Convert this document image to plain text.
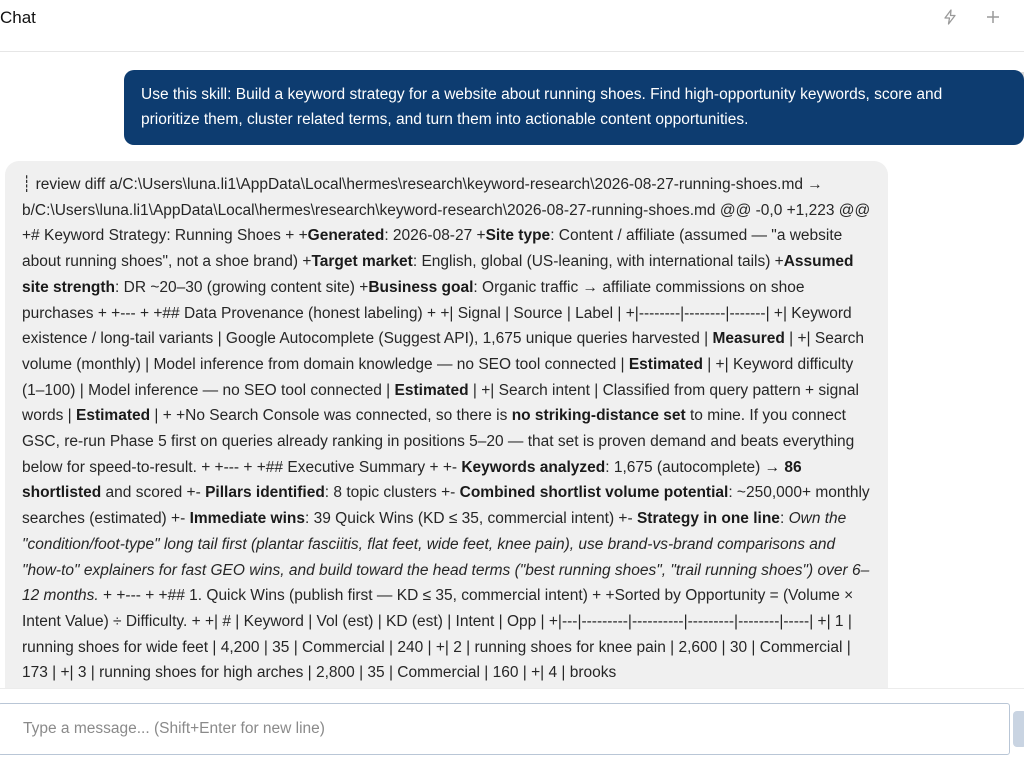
Chat
Use this skill: Build a keyword strategy for a website about running shoes. Find high-opportunity keywords, score and prioritize them, cluster related terms, and turn them into actionable content opportunities.

┊ review diff a/C:\Users\luna.li1\AppData\Local\hermes\research\keyword-research\2026-08-27-running-shoes.md → b/C:\Users\luna.li1\AppData\Local\hermes\research\keyword-research\2026-08-27-running-shoes.md @@ -0,0 +1,223 @@ +# Keyword Strategy: Running Shoes + +Generated: 2026-08-27 +Site type: Content / affiliate (assumed — "a website about running shoes", not a shoe brand) +Target market: English, global (US-leaning, with international tails) +Assumed site strength: DR ~20–30 (growing content site) +Business goal: Organic traffic → affiliate commissions on shoe purchases + +--- + +## Data Provenance (honest labeling) + +| Signal | Source | Label | +|--------|--------|-------| +| Keyword existence / long-tail variants | Google Autocomplete (Suggest API), 1,675 unique queries harvested | Measured | +| Search volume (monthly) | Model inference from domain knowledge — no SEO tool connected | Estimated | +| Keyword difficulty (1–100) | Model inference — no SEO tool connected | Estimated | +| Search intent | Classified from query pattern + signal words | Estimated | + +No Search Console was connected, so there is no striking-distance set to mine. If you connect GSC, re-run Phase 5 first on queries already ranking in positions 5–20 — that set is proven demand and beats everything below for speed-to-result. + +--- + +## Executive Summary + +- Keywords analyzed: 1,675 (autocomplete) → 86 shortlisted and scored +- Pillars identified: 8 topic clusters +- Combined shortlist volume potential: ~250,000+ monthly searches (estimated) +- Immediate wins: 39 Quick Wins (KD ≤ 35, commercial intent) +- Strategy in one line: Own the "condition/foot-type" long tail first (plantar fasciitis, flat feet, wide feet, knee pain), use brand-vs-brand comparisons and "how-to" explainers for fast GEO wins, and build toward the head terms ("best running shoes", "trail running shoes") over 6–12 months. + +--- + +## 1. Quick Wins (publish first — KD ≤ 35, commercial intent) + +Sorted by Opportunity = (Volume × Intent Value) ÷ Difficulty. + +| # | Keyword | Vol (est) | KD (est) | Intent | Opp | +|---|---------|----------|---------|--------|-----| +| 1 | running shoes for wide feet | 4,200 | 35 | Commercial | 240 | +| 2 | running shoes for knee pain | 2,600 | 30 | Commercial | 173 | +| 3 | running shoes for high arches | 2,800 | 35 | Commercial | 160 | +| 4 | brooks

Type a message... (Shift+Enter for new line)
